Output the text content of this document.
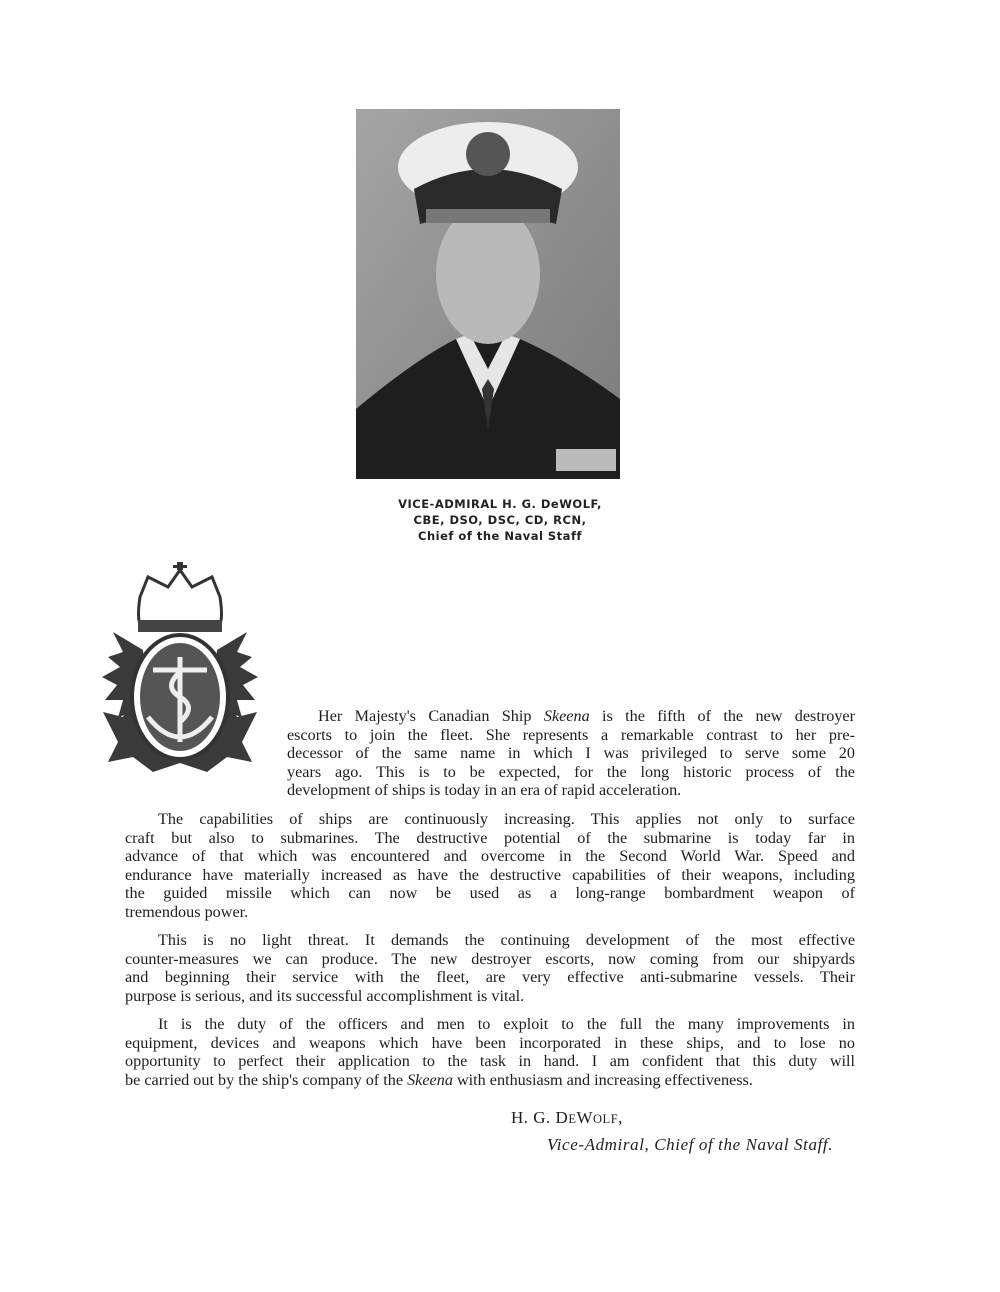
VICE-ADMIRAL H. G. DeWOLF,
CBE, DSO, DSC, CD, RCN,
Chief of the Naval Staff
Her Majesty's Canadian Ship Skeena is the fifth of the new destroyer
escorts to join the fleet. She represents a remarkable contrast to her pre-
decessor of the same name in which I was privileged to serve some 20
years ago. This is to be expected, for the long historic process of the
development of ships is today in an era of rapid acceleration.
The capabilities of ships are continuously increasing. This applies not only to surface
craft but also to submarines. The destructive potential of the submarine is today far in
advance of that which was encountered and overcome in the Second World War. Speed and
endurance have materially increased as have the destructive capabilities of their weapons, including
the guided missile which can now be used as a long-range bombardment weapon of
tremendous power.
This is no light threat. It demands the continuing development of the most effective
counter-measures we can produce. The new destroyer escorts, now coming from our shipyards
and beginning their service with the fleet, are very effective anti-submarine vessels. Their
purpose is serious, and its successful accomplishment is vital.
It is the duty of the officers and men to exploit to the full the many improvements in
equipment, devices and weapons which have been incorporated in these ships, and to lose no
opportunity to perfect their application to the task in hand. I am confident that this duty will
be carried out by the ship's company of the Skeena with enthusiasm and increasing effectiveness.
H. G. DEWOLF,
Vice-Admiral, Chief of the Naval Staff.
